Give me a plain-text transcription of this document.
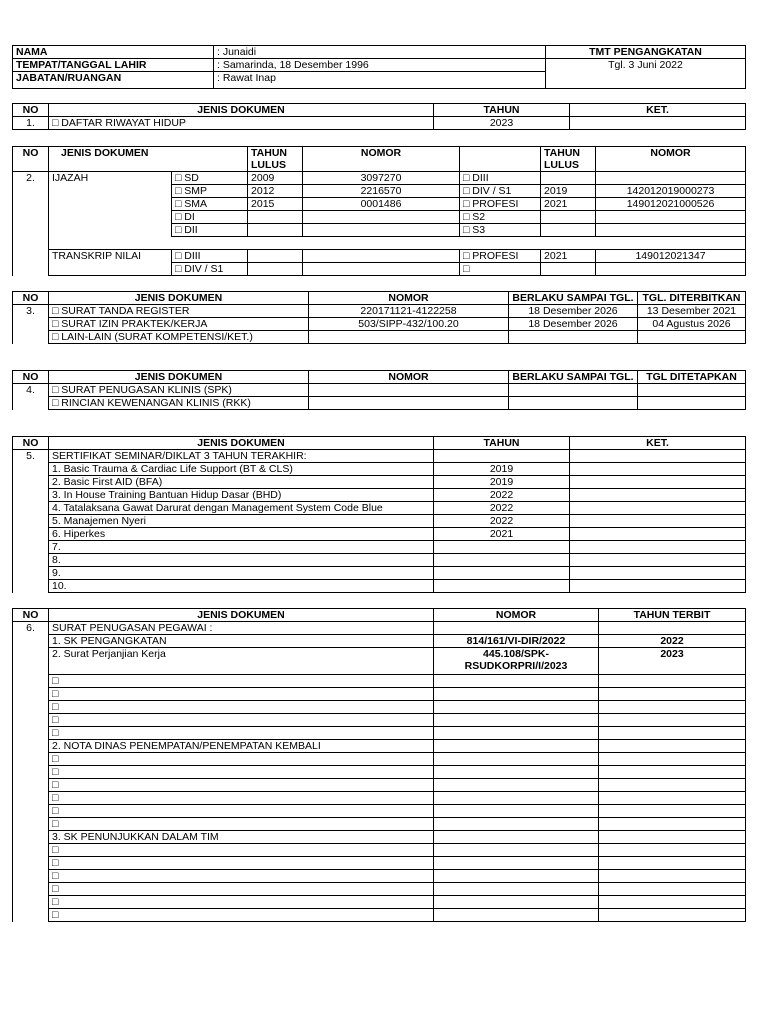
NAMA	: Junaidi	TMT PENGANGKATAN
TEMPAT/TANGGAL LAHIR	: Samarinda, 18 Desember 1996	Tgl. 3 Juni 2022
JABATAN/RUANGAN	: Rawat Inap	
NO	JENIS DOKUMEN	TAHUN	KET.
1.	□ DAFTAR RIWAYAT HIDUP	2023	
NO	JENIS DOKUMEN		TAHUN LULUS	NOMOR		TAHUN LULUS	NOMOR
2.	IJAZAH	□ SD	2009	3097270	□ DIII		
		□ SMP	2012	2216570	□ DIV / S1	2019	142012019000273
		□ SMA	2015	0001486	□ PROFESI	2021	149012021000526
		□ DI			□ S2		
		□ DII			□ S3		

	TRANSKRIP NILAI	□ DIII			□ PROFESI	2021	149012021347
		□ DIV / S1			□		
NO	JENIS DOKUMEN	NOMOR	BERLAKU SAMPAI TGL.	TGL. DITERBITKAN
3.	□ SURAT TANDA REGISTER	220171121-4122258	18 Desember 2026	13 Desember 2021
	□ SURAT IZIN PRAKTEK/KERJA	503/SIPP-432/100.20	18 Desember 2026	04 Agustus 2026
	□ LAIN-LAIN (SURAT KOMPETENSI/KET.)			
NO	JENIS DOKUMEN	NOMOR	BERLAKU SAMPAI TGL.	TGL DITETAPKAN
4.	□ SURAT PENUGASAN KLINIS (SPK)			
	□ RINCIAN KEWENANGAN KLINIS (RKK)			
NO	JENIS DOKUMEN	TAHUN	KET.
5.	SERTIFIKAT SEMINAR/DIKLAT 3 TAHUN TERAKHIR:		
	1. Basic Trauma & Cardiac Life Support (BT & CLS)	2019	
	2. Basic First AID (BFA)	2019	
	3. In House Training Bantuan Hidup Dasar (BHD)	2022	
	4. Tatalaksana Gawat Darurat dengan Management System Code Blue	2022	
	5. Manajemen Nyeri	2022	
	6. Hiperkes	2021	
	7.		
	8.		
	9.		
	10.		
NO	JENIS DOKUMEN	NOMOR	TAHUN TERBIT
6.	SURAT PENUGASAN PEGAWAI :		
	1. SK PENGANGKATAN	814/161/VI-DIR/2022	2022
	2. Surat Perjanjian Kerja	445.108/SPK-RSUDKORPRI/I/2023	2023
	□		
	□		
	□		
	□		
	□		
	2. NOTA DINAS PENEMPATAN/PENEMPATAN KEMBALI		
	□		
	□		
	□		
	□		
	□		
	□		
	3. SK PENUNJUKKAN DALAM TIM		
	□		
	□		
	□		
	□		
	□		
	□		
